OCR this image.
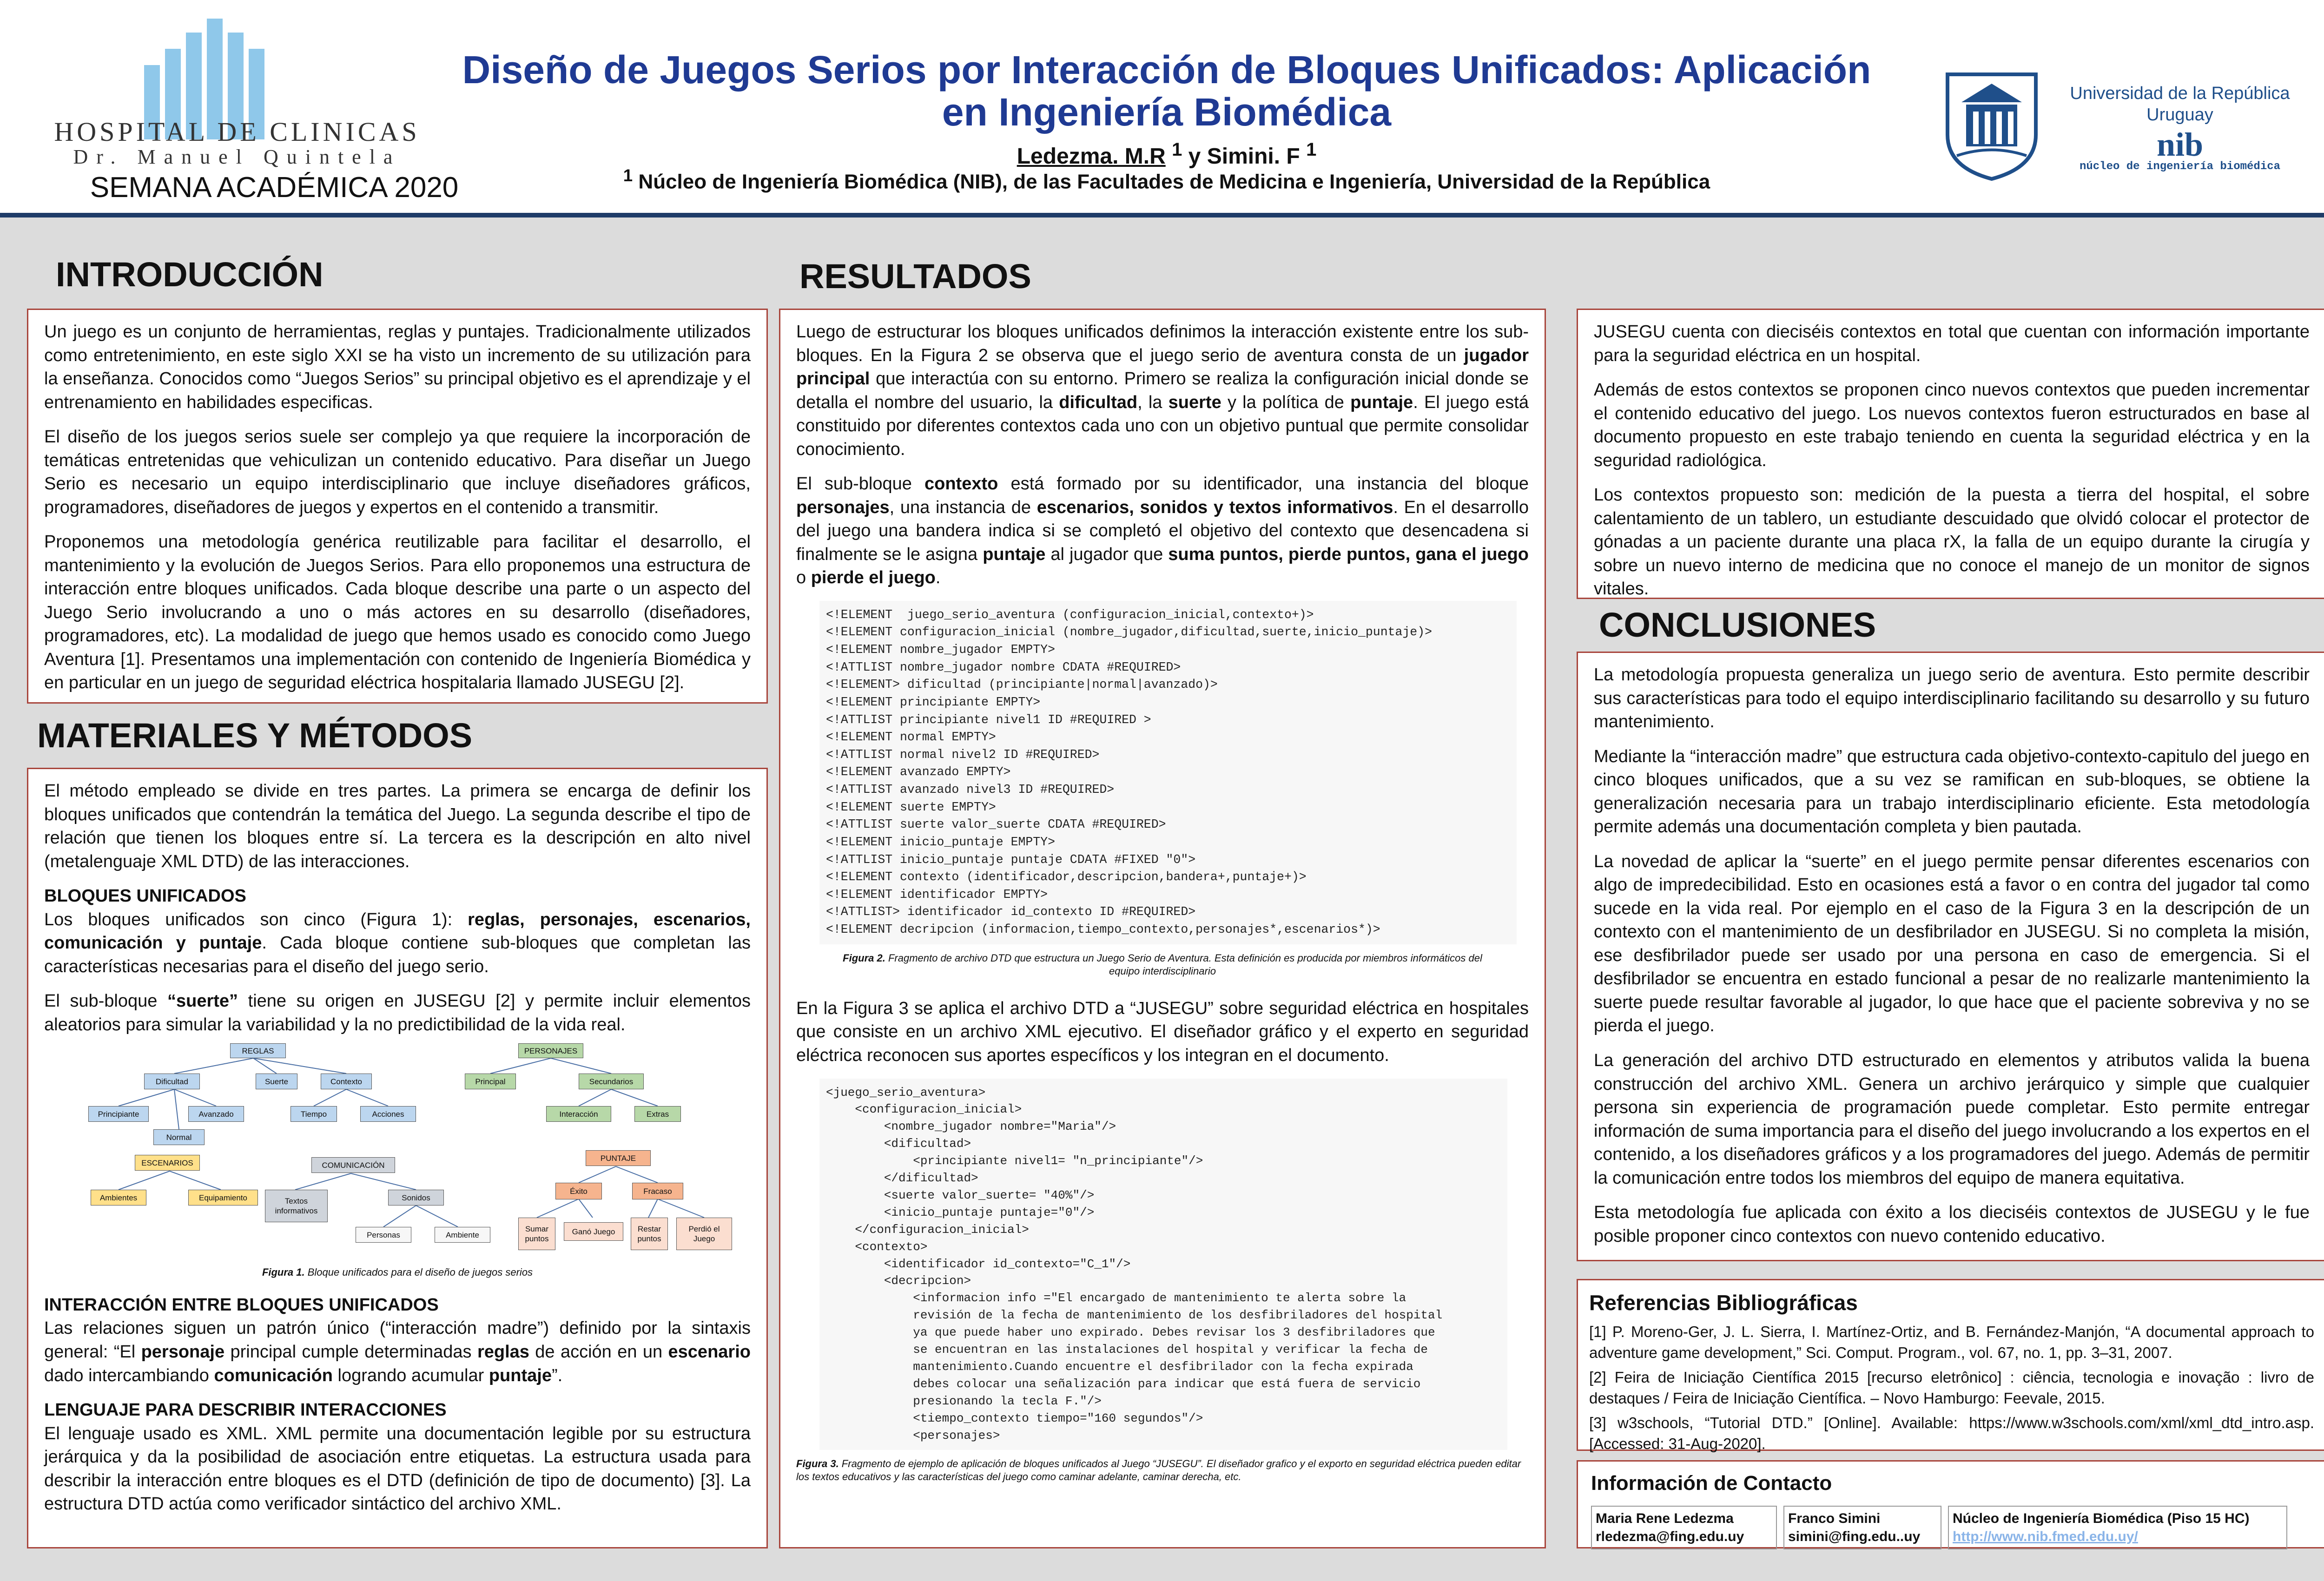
HOSPITAL DE CLINICAS
Dr. Manuel Quintela
SEMANA ACADÉMICA 2020
Diseño de Juegos Serios por Interacción de Bloques Unificados: Aplicación en Ingeniería Biomédica
Ledezma. M.R $^1$ y Simini. F $^1$
$^1$ Núcleo de Ingeniería Biomédica (NIB), de las Facultades de Medicina e Ingeniería, Universidad de la República
Universidad de la República
Uruguay
nib
núcleo de ingeniería biomédica
INTRODUCCIÓN

Un juego es un conjunto de herramientas, reglas y puntajes. Tradicionalmente utilizados como entretenimiento, en este siglo XXI se ha visto un incremento de su utilización para la enseñanza. Conocidos como “Juegos Serios” su principal objetivo es el aprendizaje y el entrenamiento en habilidades especificas.

El diseño de los juegos serios suele ser complejo ya que requiere la incorporación de temáticas entretenidas que vehiculizan un contenido educativo. Para diseñar un Juego Serio es necesario un equipo interdisciplinario que incluye diseñadores gráficos, programadores, diseñadores de juegos y expertos en el contenido a transmitir.

Proponemos una metodología genérica reutilizable para facilitar el desarrollo, el mantenimiento y la evolución de Juegos Serios. Para ello proponemos una estructura de interacción entre bloques unificados. Cada bloque describe una parte o un aspecto del Juego Serio involucrando a uno o más actores en su desarrollo (diseñadores, programadores, etc). La modalidad de juego que hemos usado es conocido como Juego Aventura [1]. Presentamos una implementación con contenido de Ingeniería Biomédica y en particular en un juego de seguridad eléctrica hospitalaria llamado JUSEGU [2].

MATERIALES Y MÉTODOS

El método empleado se divide en tres partes. La primera se encarga de definir los bloques unificados que contendrán la temática del Juego. La segunda describe el tipo de relación que tienen los bloques entre sí. La tercera es la descripción en alto nivel (metalenguaje XML DTD) de las interacciones.

BLOQUES UNIFICADOS

Los bloques unificados son cinco (Figura 1): reglas, personajes, escenarios, comunicación y puntaje. Cada bloque contiene sub-bloques que completan las características necesarias para el diseño del juego serio.

El sub-bloque “suerte” tiene su origen en JUSEGU [2] y permite incluir elementos aleatorios para simular la variabilidad y la no predictibilidad de la vida real.

REGLAS
Dificultad	Suerte	Contexto
Principiante	Avanzado
Normal
Tiempo	Acciones
PERSONAJES
Principal	Secundarios
Interacción	Extras
ESCENARIOS
Ambientes	Equipamiento
COMUNICACIÓN
Textos informativos
Sonidos
Personas	Ambiente
PUNTAJE
Éxito	Fracaso
Sumar puntos
Ganó Juego	Restar puntos
Perdió el Juego
Figura 1. Bloque unificados para el diseño de juegos serios
INTERACCIÓN ENTRE BLOQUES UNIFICADOS

Las relaciones siguen un patrón único (“interacción madre”) definido por la sintaxis general: “El personaje principal cumple determinadas reglas de acción en un escenario dado intercambiando comunicación logrando acumular puntaje”.

LENGUAJE PARA DESCRIBIR INTERACCIONES

El lenguaje usado es XML. XML permite una documentación legible por su estructura jerárquica y da la posibilidad de asociación entre etiquetas. La estructura usada para describir la interacción entre bloques es el DTD (definición de tipo de documento) [3]. La estructura DTD actúa como verificador sintáctico del archivo XML.

RESULTADOS

Luego de estructurar los bloques unificados definimos la interacción existente entre los sub-bloques. En la Figura 2 se observa que el juego serio de aventura consta de un jugador principal que interactúa con su entorno. Primero se realiza la configuración inicial donde se detalla el nombre del usuario, la dificultad, la suerte y la política de puntaje. El juego está constituido por diferentes contextos cada uno con un objetivo puntual que permite consolidar conocimiento.

El sub-bloque contexto está formado por su identificador, una instancia del bloque personajes, una instancia de escenarios, sonidos y textos informativos. En el desarrollo del juego una bandera indica si se completó el objetivo del contexto que desencadena si finalmente se le asigna puntaje al jugador que suma puntos, pierde puntos, gana el juego o pierde el juego.

<!ELEMENT  juego_serio_aventura (configuracion_inicial,contexto+)>
<!ELEMENT configuracion_inicial (nombre_jugador,dificultad,suerte,inicio_puntaje)>
<!ELEMENT nombre_jugador EMPTY>
<!ATTLIST nombre_jugador nombre CDATA #REQUIRED>
<!ELEMENT> dificultad (principiante|normal|avanzado)>
<!ELEMENT principiante EMPTY>
<!ATTLIST principiante nivel1 ID #REQUIRED >
<!ELEMENT normal EMPTY>
<!ATTLIST normal nivel2 ID #REQUIRED>
<!ELEMENT avanzado EMPTY>
<!ATTLIST avanzado nivel3 ID #REQUIRED>
<!ELEMENT suerte EMPTY>
<!ATTLIST suerte valor_suerte CDATA #REQUIRED>
<!ELEMENT inicio_puntaje EMPTY>
<!ATTLIST inicio_puntaje puntaje CDATA #FIXED "0">
<!ELEMENT contexto (identificador,descripcion,bandera+,puntaje+)>
<!ELEMENT identificador EMPTY>
<!ATTLIST> identificador id_contexto ID #REQUIRED>
<!ELEMENT decripcion (informacion,tiempo_contexto,personajes*,escenarios*)>
Figura 2. Fragmento de archivo DTD que estructura un Juego Serio de Aventura. Esta definición es producida por miembros informáticos del equipo interdisciplinario

En la Figura 3 se aplica el archivo DTD a “JUSEGU” sobre seguridad eléctrica en hospitales que consiste en un archivo XML ejecutivo. El diseñador gráfico y el experto en seguridad eléctrica reconocen sus aportes específicos y los integran en el documento.

<juego_serio_aventura>
<configuracion_inicial>
<nombre_jugador nombre="Maria"/>
<dificultad>
<principiante nivel1= "n_principiante"/>
</dificultad>
<suerte valor_suerte= "40%"/>
<inicio_puntaje puntaje="0"/>
</configuracion_inicial>
<contexto>
<identificador id_contexto="C_1"/>
<decripcion>
<informacion info ="El encargado de mantenimiento te alerta sobre la
revisión de la fecha de mantenimiento de los desfibriladores del hospital
ya que puede haber uno expirado. Debes revisar los 3 desfibriladores que
se encuentran en las instalaciones del hospital y verificar la fecha de
mantenimiento.Cuando encuentre el desfibrilador con la fecha expirada
debes colocar una señalización para indicar que está fuera de servicio
presionando la tecla F."/>
<tiempo_contexto tiempo="160 segundos"/>
<personajes>
Figura 3. Fragmento de ejemplo de aplicación de bloques unificados al Juego “JUSEGU”. El diseñador grafico y el exporto en seguridad eléctrica pueden editar los textos educativos y las características del juego como caminar adelante, caminar derecha, etc.

JUSEGU cuenta con dieciséis contextos en total que cuentan con información importante para la seguridad eléctrica en un hospital.

Además de estos contextos se proponen cinco nuevos contextos que pueden incrementar el contenido educativo del juego. Los nuevos contextos fueron estructurados en base al documento propuesto en este trabajo teniendo en cuenta la seguridad eléctrica y en la seguridad radiológica.

Los contextos propuesto son: medición de la puesta a tierra del hospital, el sobre calentamiento de un tablero, un estudiante descuidado que olvidó colocar el protector de gónadas a un paciente durante una placa rX, la falla de un equipo durante la cirugía y sobre un nuevo interno de medicina que no conoce el manejo de un monitor de signos vitales.

CONCLUSIONES

La metodología propuesta generaliza un juego serio de aventura. Esto permite describir sus características para todo el equipo interdisciplinario facilitando su desarrollo y su futuro mantenimiento.

Mediante la “interacción madre” que estructura cada objetivo-contexto-capitulo del juego en cinco bloques unificados, que a su vez se ramifican en sub-bloques, se obtiene la generalización necesaria para un trabajo interdisciplinario eficiente. Esta metodología permite además una documentación completa y bien pautada.

La novedad de aplicar la “suerte” en el juego permite pensar diferentes escenarios con algo de impredecibilidad. Esto en ocasiones está a favor o en contra del jugador tal como sucede en la vida real. Por ejemplo en el caso de la Figura 3 en la descripción de un contexto con el mantenimiento de un desfibrilador en JUSEGU. Si no completa la misión, ese desfibrilador puede ser usado por una persona en caso de emergencia. Si el desfibrilador se encuentra en estado funcional a pesar de no realizarle mantenimiento la suerte puede resultar favorable al jugador, lo que hace que el paciente sobreviva y no se pierda el juego.

La generación del archivo DTD estructurado en elementos y atributos valida la buena construcción del archivo XML. Genera un archivo jerárquico y simple que cualquier persona sin experiencia de programación puede completar. Esto permite entregar información de suma importancia para el diseño del juego involucrando a los expertos en el contenido, a los diseñadores gráficos y a los programadores del juego. Además de permitir la comunicación entre todos los miembros del equipo de manera equitativa.

Esta metodología fue aplicada con éxito a los dieciséis contextos de JUSEGU y le fue posible proponer cinco contextos con nuevo contenido educativo.

Referencias Bibliográficas

[1] P. Moreno-Ger, J. L. Sierra, I. Martínez-Ortiz, and B. Fernández-Manjón, “A documental approach to adventure game development,” Sci. Comput. Program., vol. 67, no. 1, pp. 3–31, 2007.

[2] Feira de Iniciação Científica 2015 [recurso eletrônico] : ciência, tecnologia e inovação : livro de destaques / Feira de Iniciação Científica. – Novo Hamburgo: Feevale, 2015.

[3] w3schools, “Tutorial DTD.” [Online]. Available: https://www.w3schools.com/xml/xml_dtd_intro.asp. [Accessed: 31-Aug-2020].

Información de Contacto
Maria Rene Ledezma
rledezma@fing.edu.uy
Franco Simini
simini@fing.edu..uy
Núcleo de Ingeniería Biomédica (Piso 15 HC)
http://www.nib.fmed.edu.uy/
